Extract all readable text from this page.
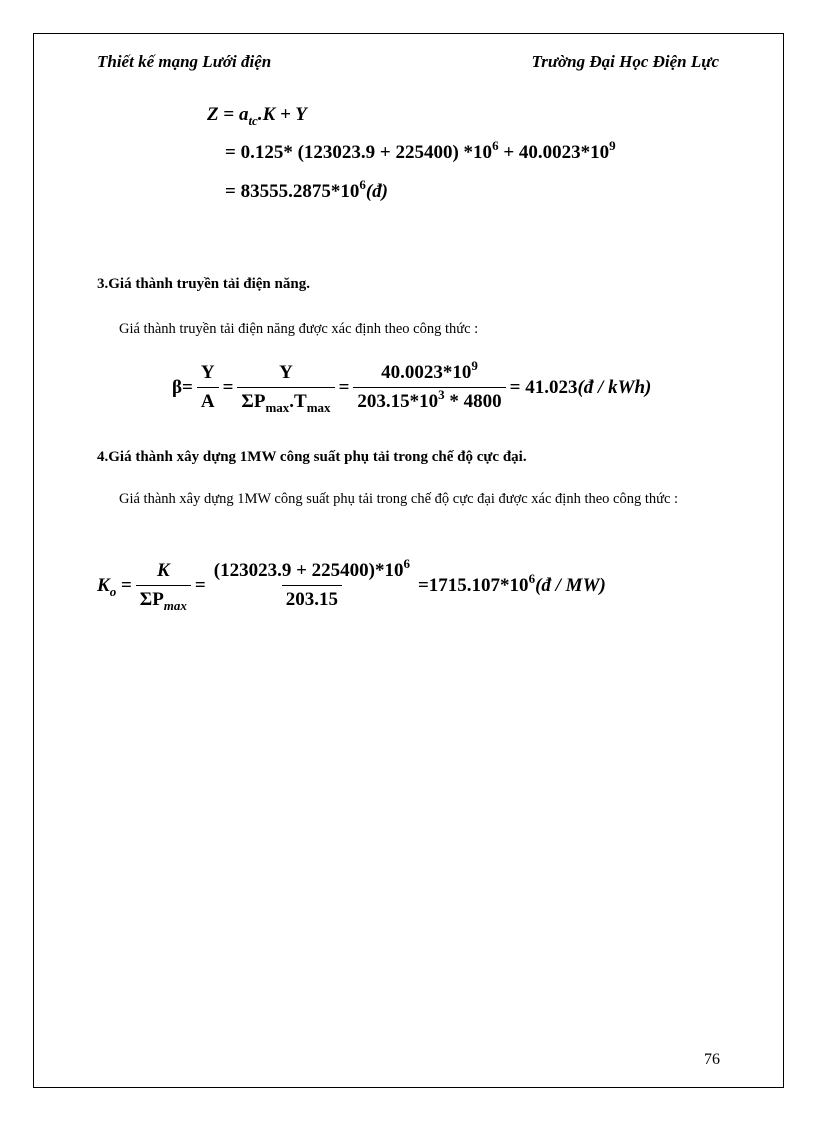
Thiết kế mạng Lưới điện	Trường Đại Học Điện Lực
$Z = a_{tc}.K + Y$
= 0.125* (123023.9 + 225400) $*10^6 + 40.0023*10^9$
= $83555.2875*10^6(đ)$
3.Giá thành truyền tải điện năng.
Giá thành truyền tải điện năng được xác định theo công thức :
$\beta= \frac{Y}{A} = \frac{Y}{\Sigma P_{max}.T_{max}} = \frac{40.0023*10^9}{203.15*10^3 * 4800} = 41.023$ (đ / kWh)
4.Giá thành xây dựng 1MW công suất phụ tải trong chế độ cực đại.
Giá thành xây dựng 1MW công suất phụ tải trong chế độ cực đại được xác định theo công thức :
$K_o = \frac{K}{\Sigma P_{max}} = \frac{(123023.9 + 225400)*10^6}{203.15} =1715.107*10^6$ (đ / MW)
76
